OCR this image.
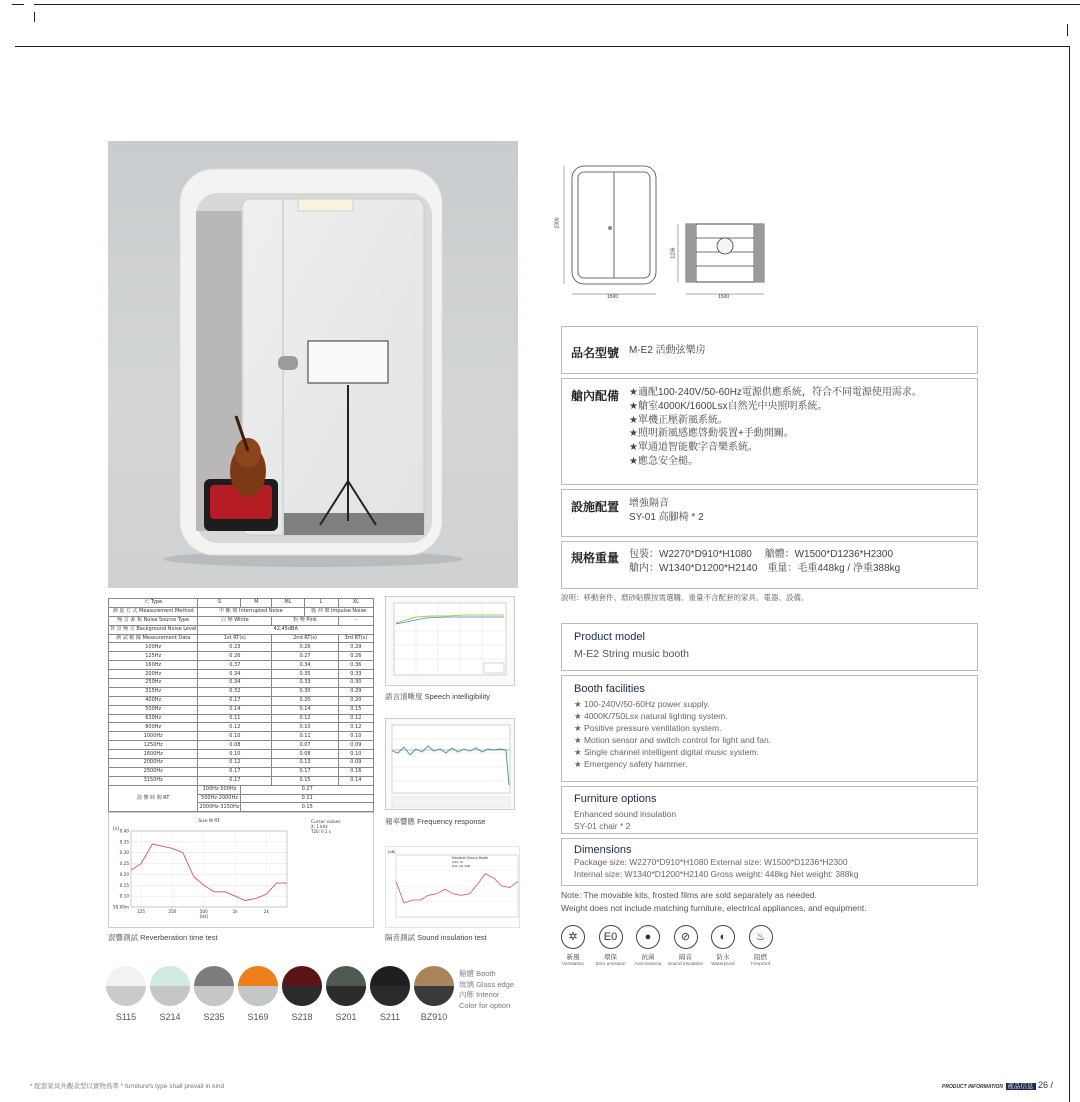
尺 Type	S	M	ML	L	XL
測 量 方 式 Measurement Method	中 斷 聲 Interrupted Noise			脈 沖 聲 Impulse Noise	
噪 音 源 類 Noise Source Type	白 噪 White		粉 噪 Pink		-
背 景 噪 音 Background Noise Level	42.45dBA				
測 試 數 據 Measurement Data	1st RT(s)		2nd RT(s)		3rd RT(s)
100Hz	0.23		0.26		0.29
125Hz	0.26		0.27		0.26
160Hz	0.37		0.34		0.36
200Hz	0.34		0.35		0.33
250Hz	0.34		0.33		0.30
315Hz	0.32		0.30		0.29
400Hz	0.17		0.20		0.20
500Hz	0.14		0.14		0.15
630Hz	0.11		0.12		0.12
800Hz	0.12		0.10		0.12
1000Hz	0.10		0.11		0.10
1250Hz	0.08		0.07		0.09
1600Hz	0.10		0.08		0.10
2000Hz	0.12		0.13		0.09
2500Hz	0.17		0.17		0.16
3150Hz	0.17		0.15		0.14
混 響 時 間 RT	100Hz-500Hz	0.27			
	500Hz-2000Hz	0.11			
	2000Hz-3150Hz	0.15			
Size M RT
[s] 0.40
0.35
0.30
0.25
0.20
0.15
0.10
50.00m
125	250	500	1k	2k
[Hz]
Cursor values
X: 1 kHz
T20: 0.1 s
混響測試 Reverberation time test
語言清晰度 Speech intelligibility
頻率響應 Frequency response
[dB]
Movable Silence Booth
Size: M
R'w: 29.4dB
隔音測試 Sound insulation test
2300
1500
1236
1500
品名型號 M-E2 活動弦樂房
艙內配備 ★適配100-240V/50-60Hz電源供應系統，符合不同電源使用需求。
★艙室4000K/1600Lsx自然光中央照明系統。
★單機正壓新風系統。
★照明新風感應啓動裝置+手動開關。
★單通道智能數字音樂系統。
★應急安全槌。
設施配置 增強隔音
SY-01 高腳椅 * 2
規格重量 包裝：W2270*D910*H1080　 艙體：W1500*D1236*H2300
艙内：W1340*D1200*H2140　重量：毛重448kg / 净重388kg
說明：移動套件、磨砂貼膜按需選購。重量不含配套的家具、電器、設備。
Product model
M-E2 String music booth
Booth facilities
★ 100-240V/50-60Hz power supply.
★ 4000K/750Lsx natural lighting system.
★ Positive pressure ventilation system.
★ Motion sensor and switch control for light and fan.
★ Single channel intelligent digital music system.
★ Emergency safety hammer.
Furniture options
Enhanced sound insulation
SY-01 chair * 2
Dimensions
Package size: W2270*D910*H1080 External size: W1500*D1236*H2300
Internal size: W1340*D1200*H2140 Gross weight: 448kg Net weight: 388kg
Note: The movable kits, frosted films are sold separately as needed.
Weight does not include matching furniture, electrical appliances, and equipment.
✲
新風
Ventilation
E0
環保
Zero emission
●
抗菌
Anti-bacteria
⊘
隔音
Sound insulation
◐
防水
Waterproof
♨
阻燃
Fireproof
S115	S214	S235	S169	S218	S201	S211	BZ910
艙體 Booth
玻璃 Glass edge
內飾 Interior
Color for option
* 配套家具外觀款型以實物爲準 * furniture's type shall prevail in kind	PRODUCT INFORMATION 產品信息 26 /
